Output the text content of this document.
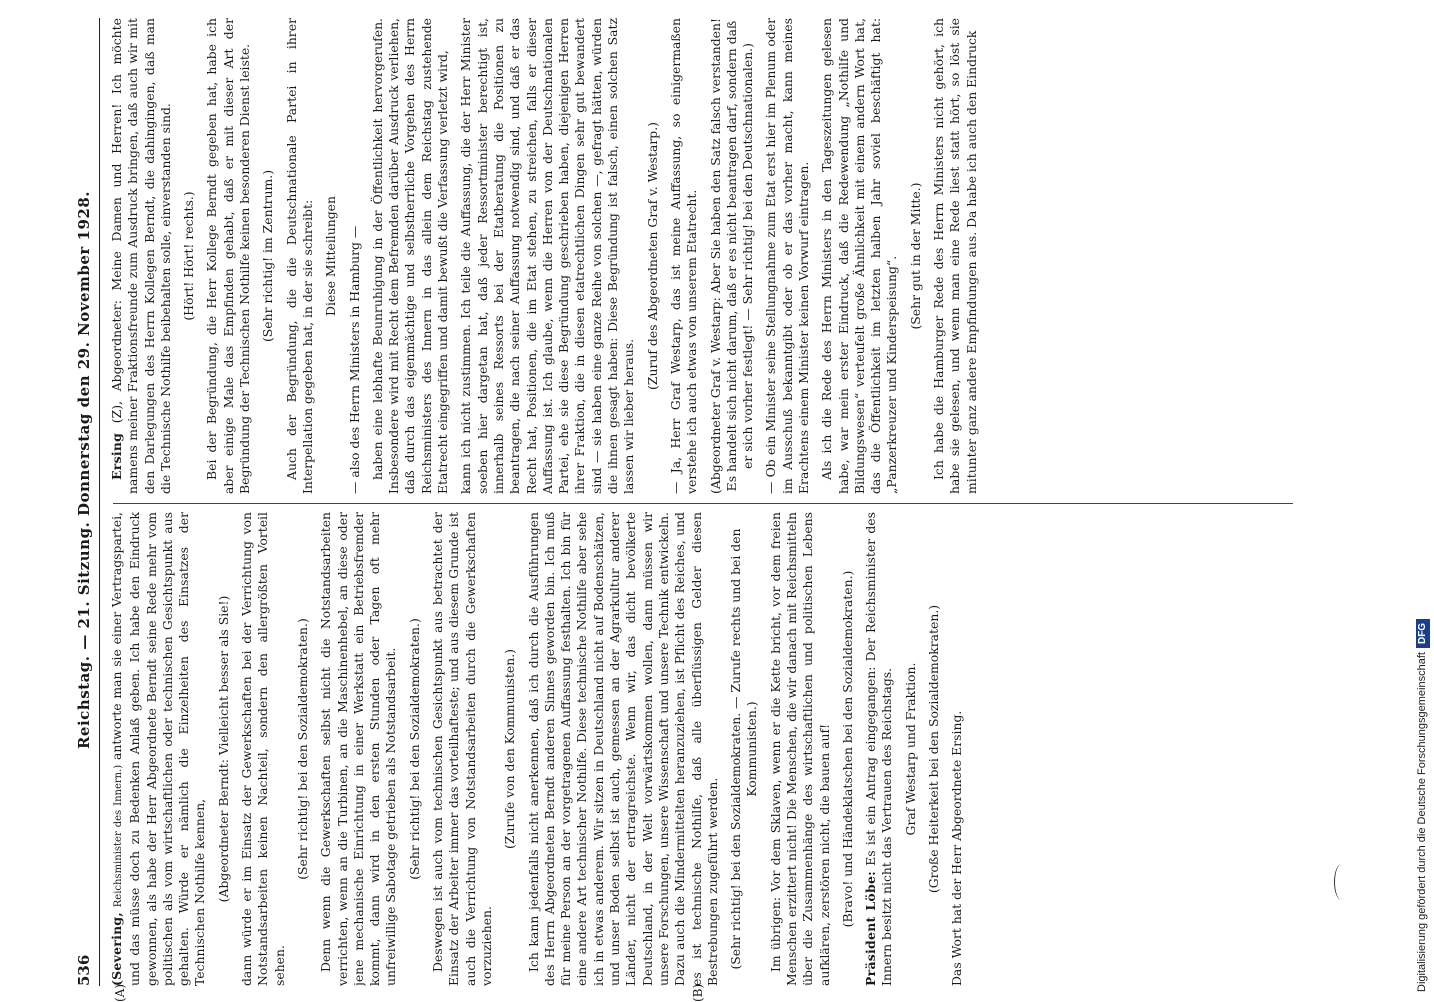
536
Reichstag. — 21. Sitzung. Donnerstag den 29. November 1928.
(A)	(B)

(Severing, Reichsminister des Innern.) antworte man sie einer Vertragspartei, und das müsse doch zu Bedenken Anlaß geben. Ich habe den Eindruck gewonnen, als habe der Herr Abgeordnete Berndt seine Rede mehr vom politischen als vom wirtschaftlichen oder technischen Gesichtspunkt aus gehalten. Würde er nämlich die Einzelheiten des Einsatzes der Technischen Nothilfe kennen, (Abgeordneter Berndt: Vielleicht besser als Sie!) dann würde er im Einsatz der Gewerkschaften bei der Verrichtung von Notstandsarbeiten keinen Nachteil, sondern den allergrößten Vorteil sehen.

(Sehr richtig! bei den Sozialdemokraten.) Denn wenn die Gewerkschaften selbst nicht die Notstandsarbeiten verrichten, wenn an die Turbinen, an die Maschinenhebel, an diese oder jene mechanische Einrichtung in einer Werkstatt ein Betriebsfremder kommt, dann wird in den ersten Stunden oder Tagen oft mehr unfreiwillige Sabotage getrieben als Notstandsarbeit. (Sehr richtig! bei den Sozialdemokraten.) Deswegen ist auch vom technischen Gesichtspunkt aus betrachtet der Einsatz der Arbeiter immer das vorteilhafteste; und aus diesem Grunde ist auch die Verrichtung von Notstandsarbeiten durch die Gewerkschaften vorzuziehen.

(Zurufe von den Kommunisten.) Ich kann jedenfalls nicht anerkennen, daß ich durch die Ausführungen des Herrn Abgeordneten Berndt anderen Sinnes geworden bin. Ich muß für meine Person an der vorgetragenen Auffassung festhalten. Ich bin für eine andere Art technischer Nothilfe. Diese technische Nothilfe aber sehe ich in etwas anderem. Wir sitzen in Deutschland nicht auf Bodenschätzen, und unser Boden selbst ist auch, gemessen an der Agrarkultur anderer Länder, nicht der ertragreichste. Wenn wir, das dicht bevölkerte Deutschland, in der Welt vorwärtskommen wollen, dann müssen wir unsere Forschungen, unsere Wissenschaft und unsere Technik entwickeln. Dazu auch die Mindermittelten heranzuziehen, ist Pflicht des Reiches, und es ist technische Nothilfe, daß alle überflüssigen Gelder diesen Bestrebungen zugeführt werden. (Sehr richtig! bei den Sozialdemokraten. — Zurufe rechts und bei den Kommunisten.) Im übrigen: Vor dem Sklaven, wenn er die Kette bricht, vor dem freien Menschen erzittert nicht! Die Menschen, die wir danach mit Reichsmitteln über die Zusammenhänge des wirtschaftlichen und politischen Lebens aufklären, zerstören nicht, die bauen auf! (Bravo! und Händeklatschen bei den Sozialdemokraten.)

Präsident Löbe: Es ist ein Antrag eingegangen: Der Reichsminister des Innern besitzt nicht das Vertrauen des Reichstags. Graf Westarp und Fraktion. (Große Heiterkeit bei den Sozialdemokraten.) Das Wort hat der Herr Abgeordnete Ersing.

Ersing (Z), Abgeordneter: Meine Damen und Herren! Ich möchte namens meiner Fraktionsfreunde zum Ausdruck bringen, daß auch wir mit den Darlegungen des Herrn Kollegen Berndt, die dahingingen, daß man die Technische Nothilfe beibehalten solle, einverstanden sind. (Hört! Hört! rechts.) Bei der Begründung, die Herr Kollege Berndt gegeben hat, habe ich aber einige Male das Empfinden gehabt, daß er mit dieser Art der Begründung der Technischen Nothilfe keinen besonderen Dienst leiste. (Sehr richtig! im Zentrum.) Auch der Begründung, die die Deutschnationale Partei in ihrer Interpellation gegeben hat, in der sie schreibt: Diese Mitteilungen — also des Herrn Ministers in Hamburg — haben eine lebhafte Beunruhigung in der Öffentlichkeit hervorgerufen. Insbesondere wird mit Recht dem Befremden darüber Ausdruck verliehen, daß durch das eigenmächtige und selbstherrliche Vorgehen des Herrn Reichsministers des Innern in das allein dem Reichstag zustehende Etatrecht eingegriffen und damit bewußt die Verfassung verletzt wird, kann ich nicht zustimmen. Ich teile die Auffassung, die der Herr Minister soeben hier dargetan hat, daß jeder Ressortminister berechtigt ist, innerhalb seines Ressorts bei der Etatberatung die Positionen zu beantragen, die nach seiner Auffassung notwendig sind, und daß er das Recht hat, Positionen, die im Etat stehen, zu streichen, falls er dieser Auffassung ist. Ich glaube, wenn die Herren von der Deutschnationalen Partei, ehe sie diese Begründung geschrieben haben, diejenigen Herren ihrer Fraktion, die in diesen etatrechtlichen Dingen sehr gut bewandert sind — sie haben eine ganze Reihe von solchen —, gefragt hätten, würden die ihnen gesagt haben: Diese Begründung ist falsch, einen solchen Satz lassen wir lieber heraus.

(Zuruf des Abgeordneten Graf v. Westarp.) — Ja, Herr Graf Westarp, das ist meine Auffassung, so einigermaßen verstehe ich auch etwas von unserem Etatrecht. (Abgeordneter Graf v. Westarp: Aber Sie haben den Satz falsch verstanden! Es handelt sich nicht darum, daß er es nicht beantragen darf, sondern daß er sich vorher festlegt! — Sehr richtig! bei den Deutschnationalen.) — Ob ein Minister seine Stellungnahme zum Etat erst hier im Plenum oder im Ausschuß bekanntgibt oder ob er das vorher macht, kann meines Erachtens einem Minister keinen Vorwurf eintragen. Als ich die Rede des Herrn Ministers in den Tageszeitungen gelesen habe, war mein erster Eindruck, daß die Redewendung „Nothilfe und Bildungswesen“ verteufelt große Ähnlichkeit mit einem andern Wort hat, das die Öffentlichkeit im letzten halben Jahr soviel beschäftigt hat: „Panzerkreuzer und Kinderspeisung“. (Sehr gut in der Mitte.) Ich habe die Hamburger Rede des Herrn Ministers nicht gehört, ich habe sie gelesen, und wenn man eine Rede liest statt hört, so löst sie mitunter ganz andere Empfindungen aus. Da habe ich auch den Eindruck

Digitalisierung gefördert durch die Deutsche ForschungsgemeinschaftDFG
